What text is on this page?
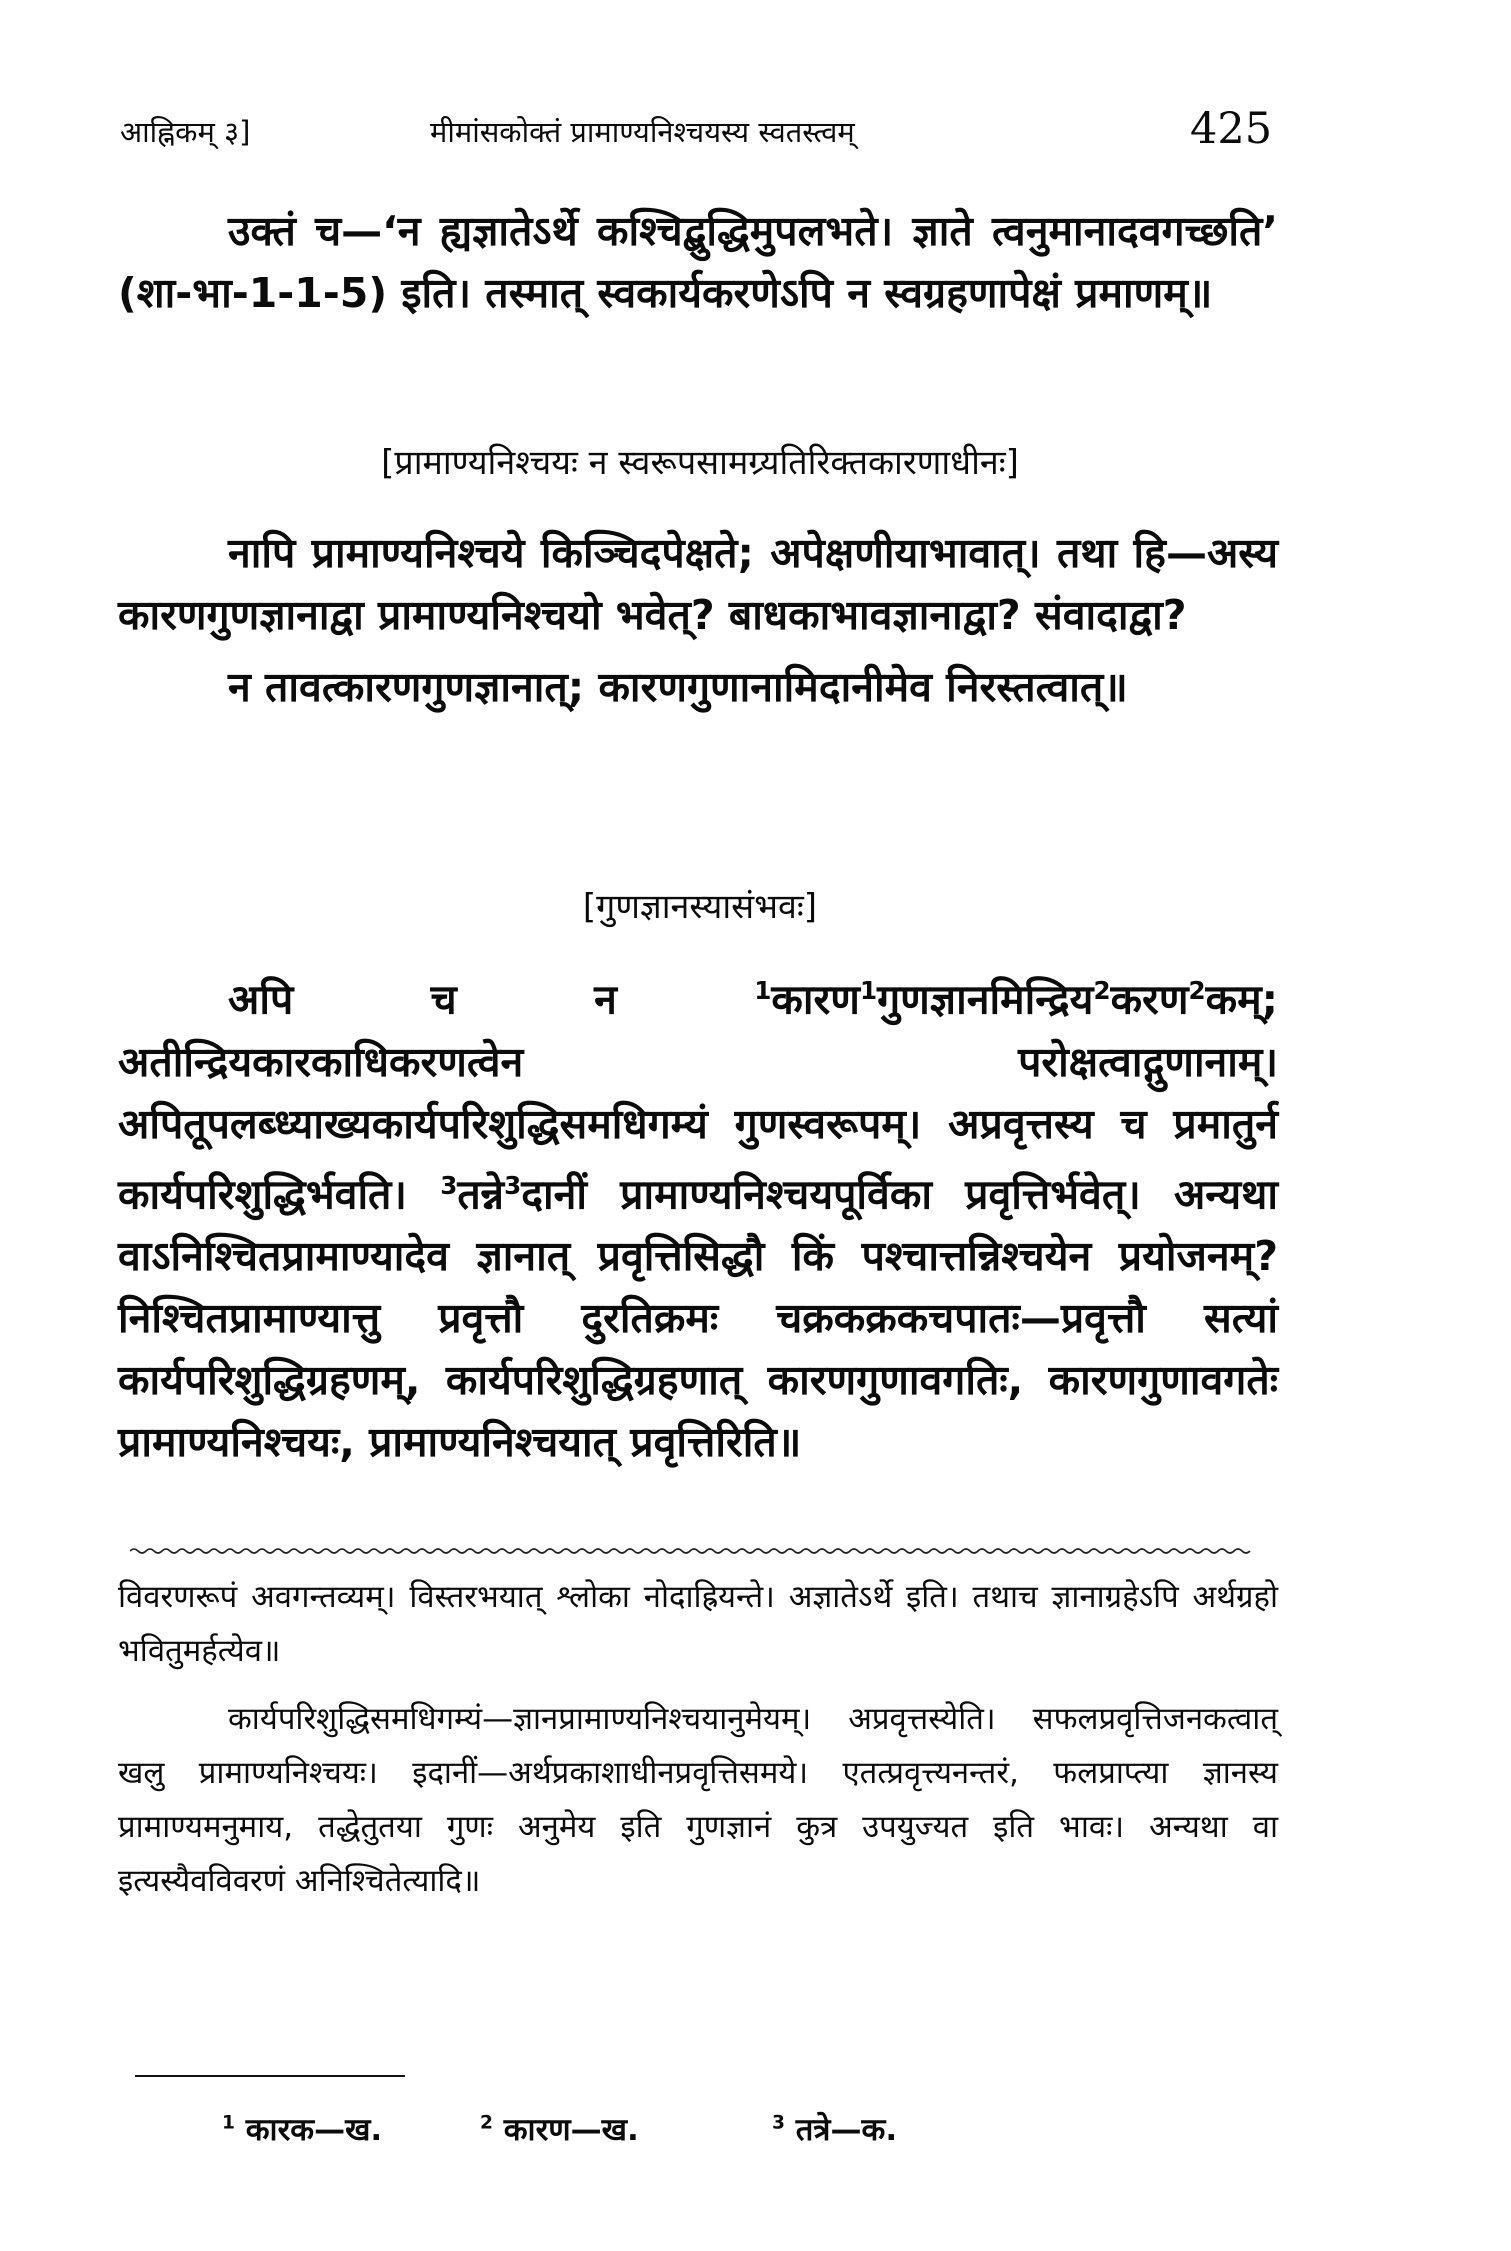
आह्निकम् ३]	मीमांसकोक्तं प्रामाण्यनिश्चयस्य स्वतस्त्वम्	425

उक्तं च—‘न ह्यज्ञातेऽर्थे कश्चिद्बुद्धिमुपलभते। ज्ञाते त्वनुमानादवगच्छति’ (शा-भा-1-1-5) इति। तस्मात् स्वकार्यकरणेऽपि न स्वग्रहणापेक्षं प्रमाणम्॥

[प्रामाण्यनिश्चयः न स्वरूपसामग्र्यतिरिक्तकारणाधीनः]

नापि प्रामाण्यनिश्चये किञ्चिदपेक्षते; अपेक्षणीयाभावात्। तथा हि—अस्य कारणगुणज्ञानाद्वा प्रामाण्यनिश्चयो भवेत्? बाधकाभावज्ञानाद्वा? संवादाद्वा?

न तावत्कारणगुणज्ञानात्; कारणगुणानामिदानीमेव निरस्तत्वात्॥

[गुणज्ञानस्यासंभवः]

अपि च न $^1$कारण$^1$गुणज्ञानमिन्द्रिय$^2$करण$^2$कम्; अतीन्द्रियकारकाधिकरणत्वेन परोक्षत्वाद्गुणानाम्। अपितूपलब्ध्याख्यकार्यपरिशुद्धिसमधिगम्यं गुणस्वरूपम्। अप्रवृत्तस्य च प्रमातुर्न कार्यपरिशुद्धिर्भवति। $^3$तन्ने$^3$दानीं प्रामाण्यनिश्चयपूर्विका प्रवृत्तिर्भवेत्। अन्यथा वाऽनिश्चितप्रामाण्यादेव ज्ञानात् प्रवृत्तिसिद्धौ किं पश्चात्तन्निश्चयेन प्रयोजनम्? निश्चितप्रामाण्यात्तु प्रवृत्तौ दुरतिक्रमः चक्रकक्रकचपातः—प्रवृत्तौ सत्यां कार्यपरिशुद्धिग्रहणम्, कार्यपरिशुद्धिग्रहणात् कारणगुणावगतिः, कारणगुणावगतेः प्रामाण्यनिश्चयः, प्रामाण्यनिश्चयात् प्रवृत्तिरिति॥

विवरणरूपं अवगन्तव्यम्। विस्तरभयात् श्लोका नोदाह्रियन्ते। अज्ञातेऽर्थे इति। तथाच ज्ञानाग्रहेऽपि अर्थग्रहो भवितुमर्हत्येव॥

कार्यपरिशुद्धिसमधिगम्यं—ज्ञानप्रामाण्यनिश्चयानुमेयम्। अप्रवृत्तस्येति। सफलप्रवृत्तिजनकत्वात् खलु प्रामाण्यनिश्चयः। इदानीं—अर्थप्रकाशाधीनप्रवृत्तिसमये। एतत्प्रवृत्त्यनन्तरं, फलप्राप्त्या ज्ञानस्य प्रामाण्यमनुमाय, तद्धेतुतया गुणः अनुमेय इति गुणज्ञानं कुत्र उपयुज्यत इति भावः। अन्यथा वा इत्यस्यैवविवरणं अनिश्चितेत्यादि॥

$^1$ कारक—ख.	$^2$ कारण—ख.	$^3$ तत्रे—क.
